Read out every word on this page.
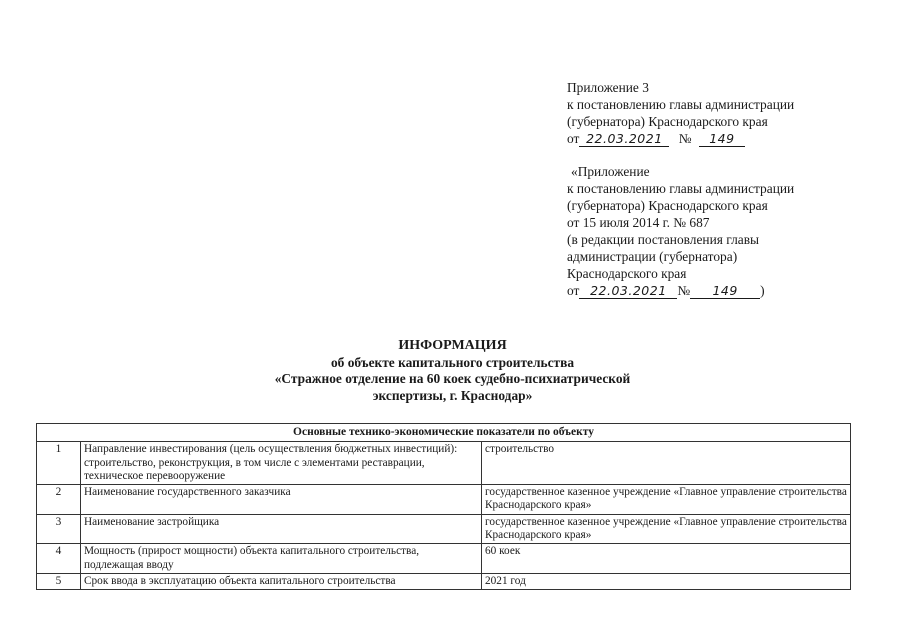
Приложение 3
к постановлению главы администрации
(губернатора) Краснодарского края
от 22.03.2021 № 149
«Приложение
к постановлению главы администрации
(губернатора) Краснодарского края
от 15 июля 2014 г. № 687
(в редакции постановления главы
администрации (губернатора)
Краснодарского края
от 22.03.2021 № 149 )
ИНФОРМАЦИЯ
об объекте капитального строительства
«Стражное отделение на 60 коек судебно-психиатрической
экспертизы, г. Краснодар»
Основные технико-экономические показатели по объекту		
1	Направление инвестирования (цель осуществления бюджетных инвестиций): строительство, реконструкция, в том числе с элементами реставрации, техническое перевооружение	строительство
2	Наименование государственного заказчика	государственное казенное учреждение «Главное управление строительства Краснодарского края»
3	Наименование застройщика	государственное казенное учреждение «Главное управление строительства Краснодарского края»
4	Мощность (прирост мощности) объекта капитального строительства, подлежащая вводу	60 коек
5	Срок ввода в эксплуатацию объекта капитального строительства	2021 год
